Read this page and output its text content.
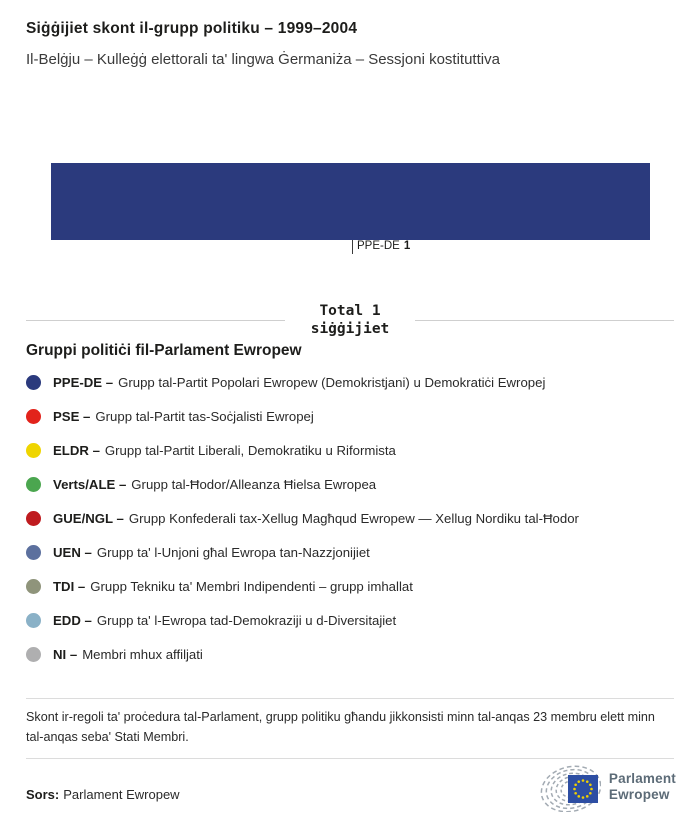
Siġġijiet skont il-grupp politiku – 1999–2004
Il-Belġju – Kulleġġ elettorali ta' lingwa Ġermaniża – Sessjoni kostituttiva
PPE-DE 1
Total 1
siġġijiet
Gruppi politiċi fil-Parlament Ewropew
PPE-DE – Grupp tal-Partit Popolari Ewropew (Demokristjani) u Demokratiċi Ewropej
PSE – Grupp tal-Partit tas-Soċjalisti Ewropej
ELDR – Grupp tal-Partit Liberali, Demokratiku u Riformista
Verts/ALE – Grupp tal-Ħodor/Alleanza Ħielsa Ewropea
GUE/NGL – Grupp Konfederali tax-Xellug Magħqud Ewropew — Xellug Nordiku tal-Ħodor
UEN – Grupp ta' l-Unjoni għal Ewropa tan-Nazzjonijiet
TDI – Grupp Tekniku ta' Membri Indipendenti – grupp imhallat
EDD – Grupp ta' l-Ewropa tad-Demokraziji u d-Diversitajiet
NI – Membri mhux affiljati
Skont ir-regoli ta' proċedura tal-Parlament, grupp politiku għandu jikkonsisti minn tal-anqas 23 membru elett minn tal-anqas seba' Stati Membri.
Sors: Parlament Ewropew
Parlament
Ewropew
